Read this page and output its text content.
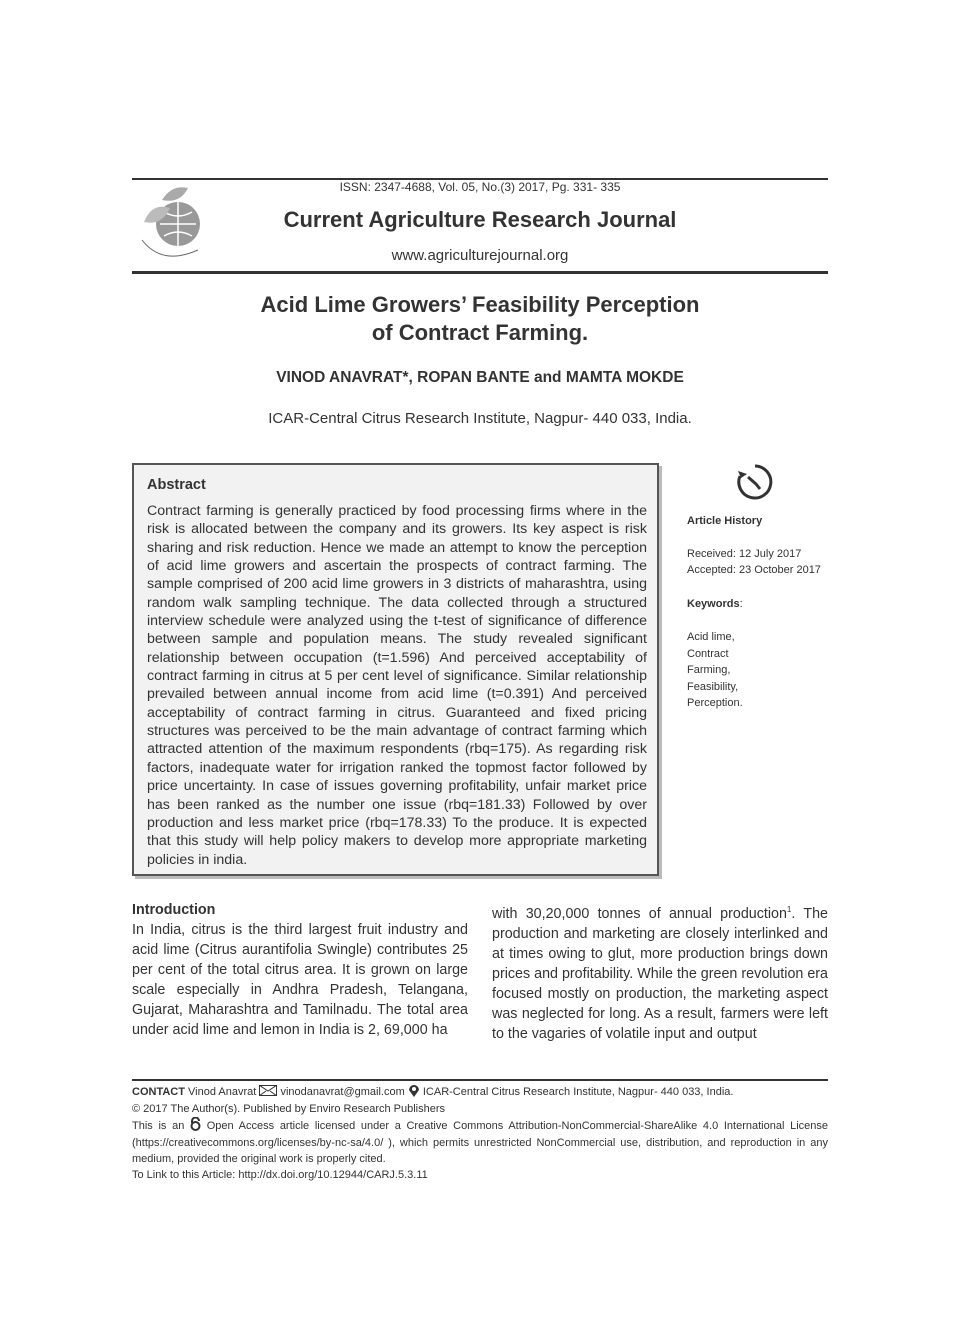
ISSN: 2347-4688, Vol. 05, No.(3) 2017, Pg. 331- 335
Current Agriculture Research Journal
www.agriculturejournal.org
Acid Lime Growers’ Feasibility Perception
of Contract Farming.
VINOD ANAVRAT*, ROPAN BANTE and MAMTA MOKDE
ICAR-Central Citrus Research Institute, Nagpur- 440 033, India.
Abstract
Contract farming is generally practiced by food processing firms where in the risk is allocated between the company and its growers. Its key aspect is risk sharing and risk reduction. Hence we made an attempt to know the perception of acid lime growers and ascertain the prospects of contract farming. The sample comprised of 200 acid lime growers in 3 districts of maharashtra, using random walk sampling technique. The data collected through a structured interview schedule were analyzed using the t-test of significance of difference between sample and population means. The study revealed significant relationship between occupation (t=1.596) And perceived acceptability of contract farming in citrus at 5 per cent level of significance. Similar relationship prevailed between annual income from acid lime (t=0.391) And perceived acceptability of contract farming in citrus. Guaranteed and fixed pricing structures was perceived to be the main advantage of contract farming which attracted attention of the maximum respondents (rbq=175). As regarding risk factors, inadequate water for irrigation ranked the topmost factor followed by price uncertainty. In case of issues governing profitability, unfair market price has been ranked as the number one issue (rbq=181.33) Followed by over production and less market price (rbq=178.33) To the produce. It is expected that this study will help policy makers to develop more appropriate marketing policies in india.
Article History
Received: 12 July 2017
Accepted: 23 October 2017
Keywords:
Acid lime,
Contract
Farming,
Feasibility,
Perception.
Introduction
In India, citrus is the third largest fruit industry and acid lime (Citrus aurantifolia Swingle) contributes 25 per cent of the total citrus area. It is grown on large scale especially in Andhra Pradesh, Telangana, Gujarat, Maharashtra and Tamilnadu. The total area under acid lime and lemon in India is 2, 69,000 ha
with 30,20,000 tonnes of annual production$^1$. The production and marketing are closely interlinked and at times owing to glut, more production brings down prices and profitability. While the green revolution era focused mostly on production, the marketing aspect was neglected for long. As a result, farmers were left to the vagaries of volatile input and output
CONTACT Vinod Anavrat vinodanavrat@gmail.com ICAR-Central Citrus Research Institute, Nagpur- 440 033, India.
© 2017 The Author(s). Published by Enviro Research Publishers
This is an Open Access article licensed under a Creative Commons Attribution-NonCommercial-ShareAlike 4.0 International License (https://creativecommons.org/licenses/by-nc-sa/4.0/ ), which permits unrestricted NonCommercial use, distribution, and reproduction in any medium, provided the original work is properly cited.
To Link to this Article: http://dx.doi.org/10.12944/CARJ.5.3.11
